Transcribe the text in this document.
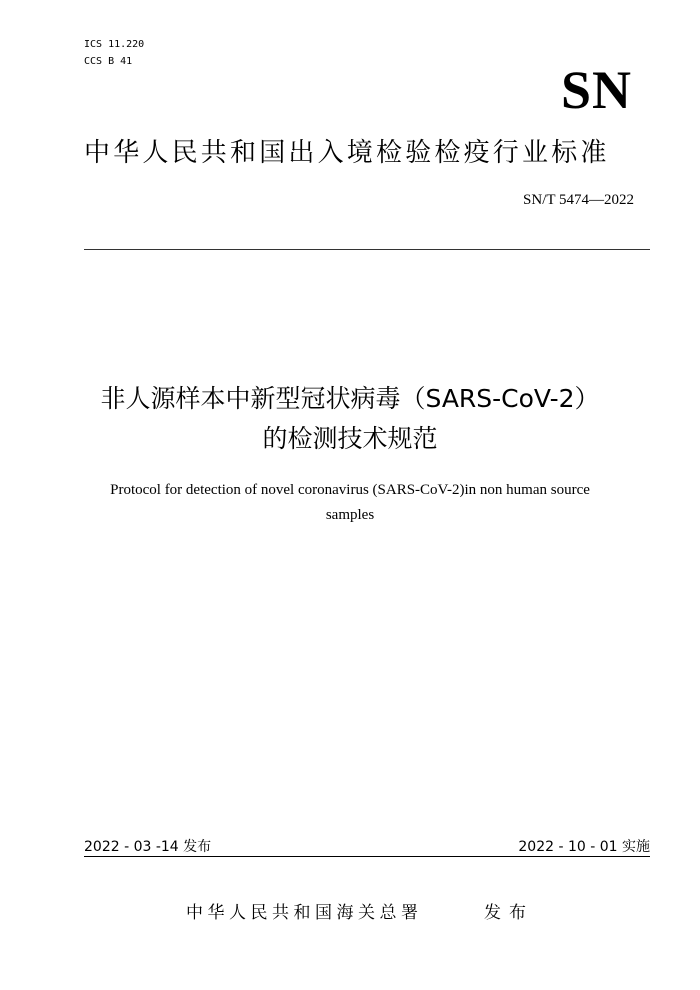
ICS 11.220
CCS B 41	SN
中华人民共和国出入境检验检疫行业标准
SN/T 5474—2022
非人源样本中新型冠状病毒（SARS-CoV-2）
的检测技术规范
Protocol for detection of novel coronavirus (SARS-CoV-2)in non human source
samples
2022 - 03 -14 发布	2022 - 10 - 01 实施
中华人民共和国海关总署	发布
